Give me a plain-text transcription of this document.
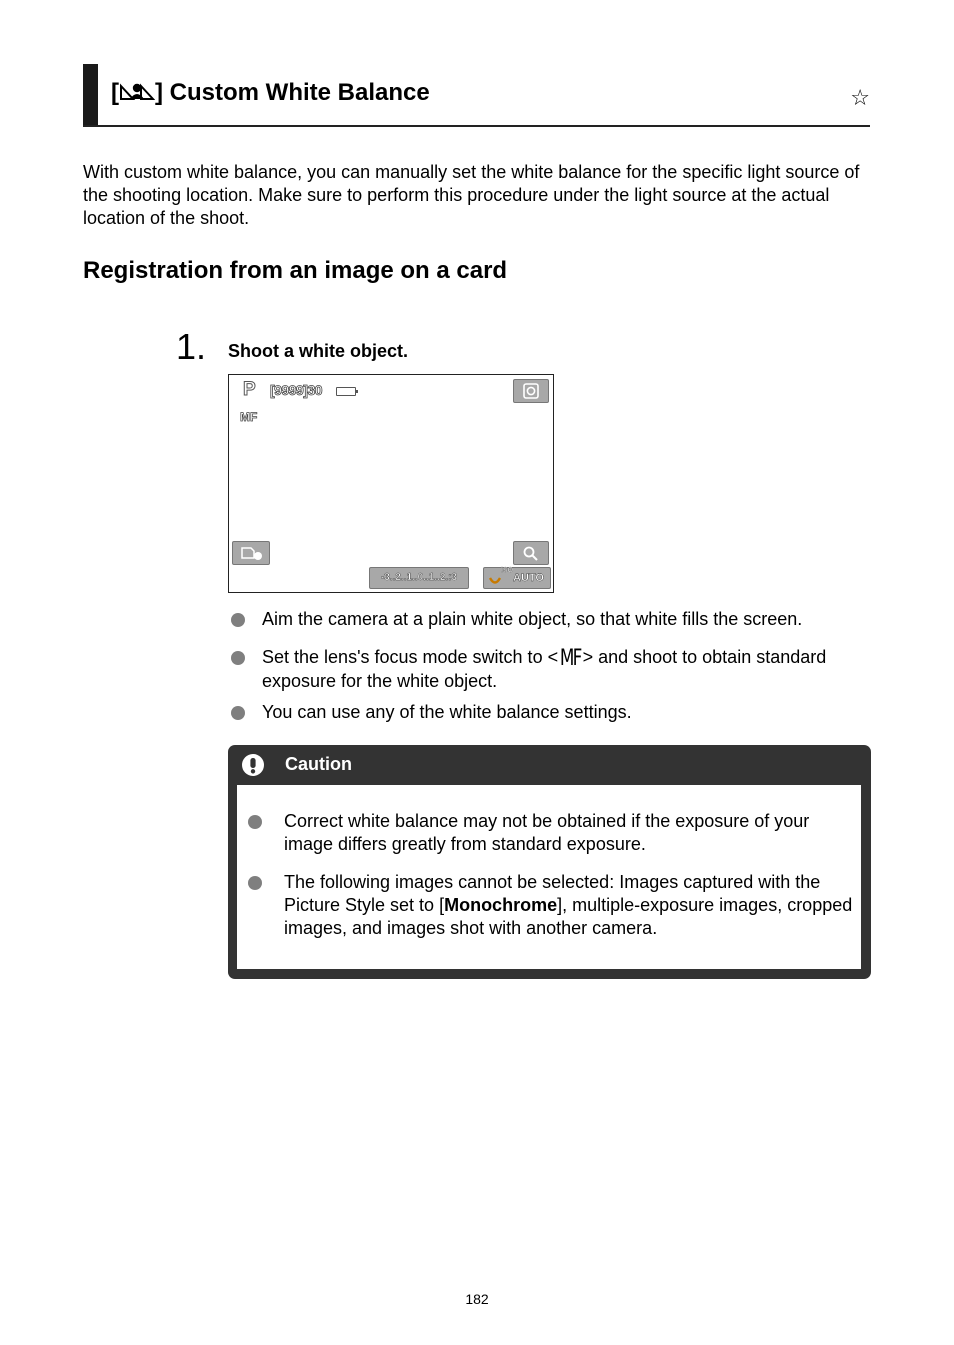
[ ] Custom White Balance	☆
With custom white balance, you can manually set the white balance for the specific light source of the shooting location. Make sure to perform this procedure under the light source at the actual location of the shoot.
Registration from an image on a card
1. Shoot a white object.
P [9999]30
MF
-3..2..1..0..1..2.:3
ISO
AUTO
Aim the camera at a plain white object, so that white fills the screen.
Set the lens's focus mode switch to <MF > and shoot to obtain standard exposure for the white object.
You can use any of the white balance settings.
Caution
Correct white balance may not be obtained if the exposure of your image differs greatly from standard exposure.
The following images cannot be selected: Images captured with the Picture Style set to [Monochrome], multiple-exposure images, cropped images, and images shot with another camera.
182
